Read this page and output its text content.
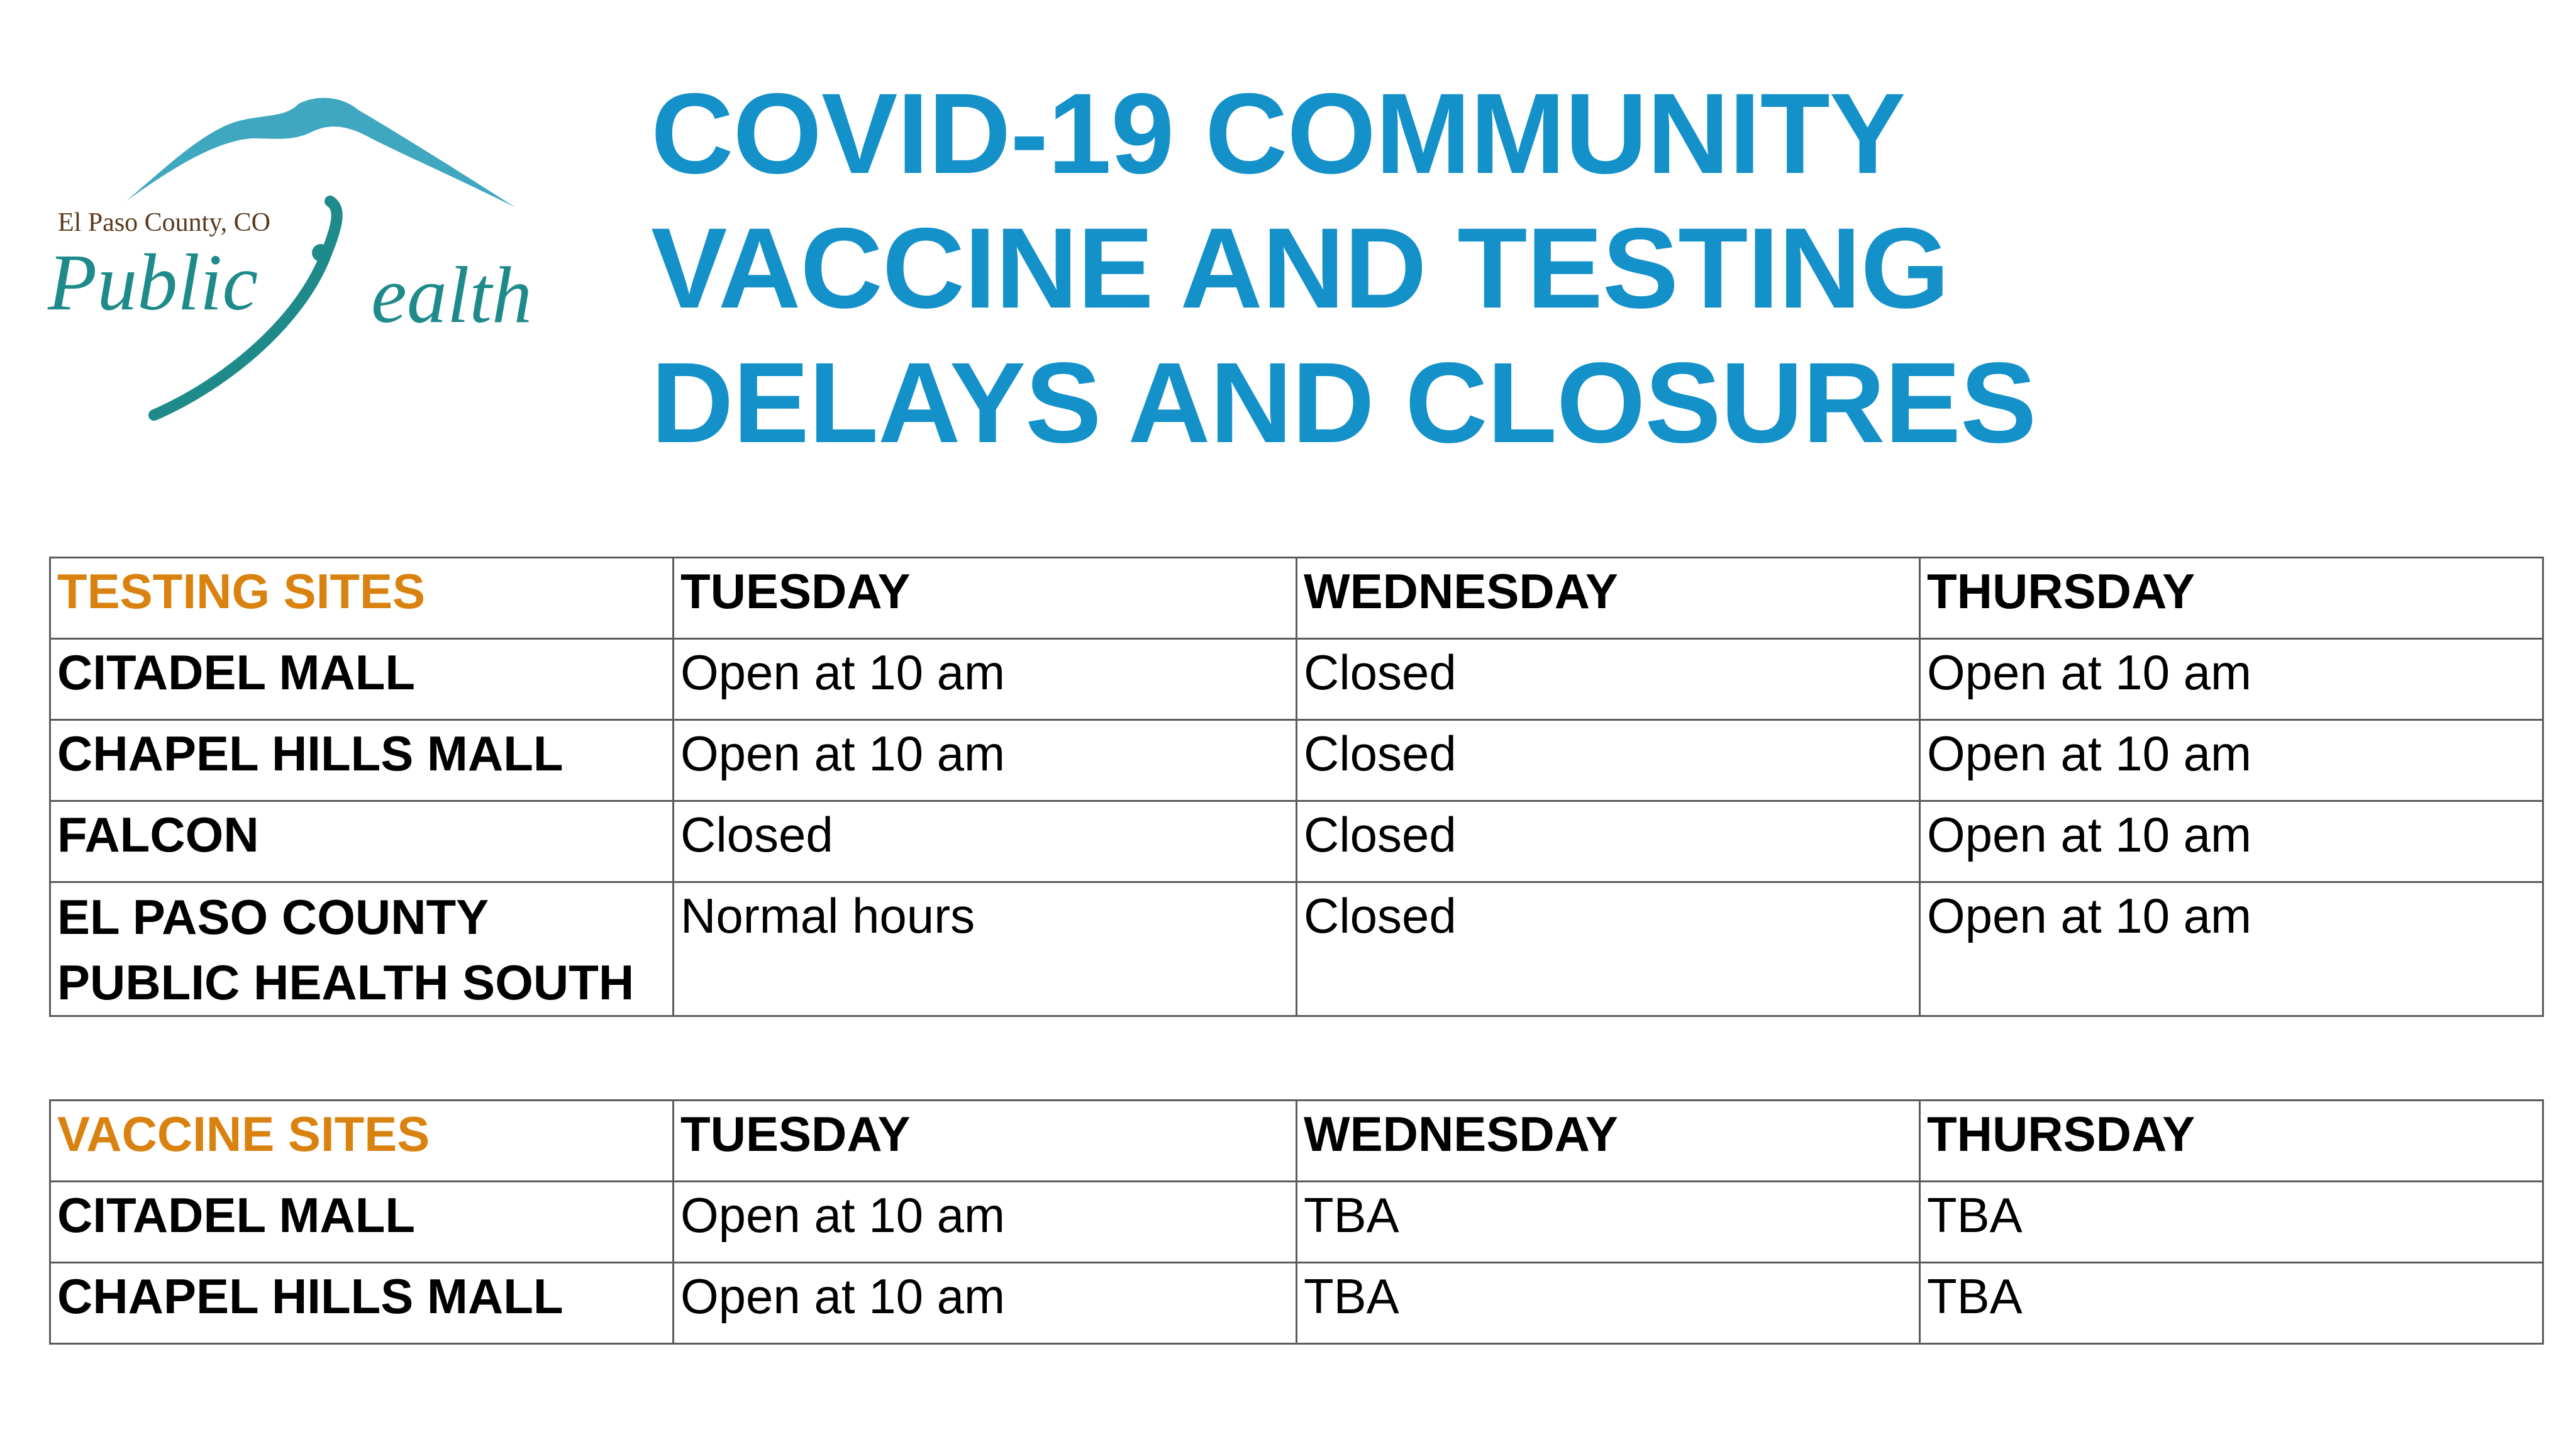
El Paso County, CO
Public ealth
COVID-19 COMMUNITY
VACCINE AND TESTING
DELAYS AND CLOSURES
TESTING SITES	TUESDAY	WEDNESDAY	THURSDAY
CITADEL MALL	Open at 10 am	Closed	Open at 10 am
CHAPEL HILLS MALL	Open at 10 am	Closed	Open at 10 am
FALCON	Closed	Closed	Open at 10 am
EL PASO COUNTY PUBLIC HEALTH SOUTH	Normal hours	Closed	Open at 10 am
VACCINE SITES	TUESDAY	WEDNESDAY	THURSDAY
CITADEL MALL	Open at 10 am	TBA	TBA
CHAPEL HILLS MALL	Open at 10 am	TBA	TBA
